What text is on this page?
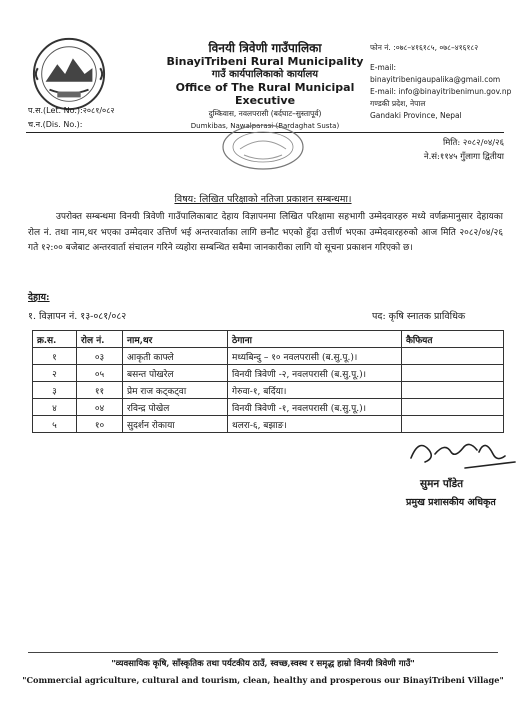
विनयी त्रिवेणी गाउँपालिका
BinayiTribeni Rural Municipality
गाउँ कार्यपालिकाको कार्यालय
Office of The Rural Municipal Executive
दुम्किवास, नवलपरासी (बर्दघाट–सुस्तापूर्व)
Dumkibas, Nawalparasi (Bardaghat Susta)
फोन नं. :०७८–४१६१८५, ०७८–४१६१८२
E-mail:
binayitribenigaupalika@gmail.com
E-mail: info@binayitribenimun.gov.np
गण्डकी प्रदेश, नेपाल
Gandaki Province, Nepal
प.स.(Let. No.):२०८१/०८२
च.न.(Dis. No.):
मिति: २०८२/०४/२६
ने.सं:११४५ गुँलागा द्वितीया
विषय: लिखित परिक्षाको नतिजा प्रकाशन सम्बन्धमा।

उपरोक्त सम्बन्धमा विनयी त्रिवेणी गाउँपालिकाबाट देहाय विज्ञापनमा लिखित परिक्षामा सहभागी उम्मेदवारहरु मध्ये वर्णक्रमानुसार देहायका रोल नं. तथा नाम,थर भएका उम्मेदवार उत्तिर्ण भई अन्तरवार्ताका लागि छनौट भएको हुँदा उत्तीर्ण भएका उम्मेदवारहरुको आज मिति २०८२/०४/२६ गते १२:०० बजेबाट अन्तरवार्ता संचालन गरिने व्यहोरा सम्बन्धित सबैमा जानकारीका लागि यो सूचना प्रकाशन गरिएको छ।

देहाय:
१. विज्ञापन नं. १३-०८१/०८२	पद: कृषि स्नातक प्राविधिक
क्र.स.	रोल नं.	नाम,थर	ठेगाना	कैफियत
१	०३	आकृती काफ्ले	मध्यबिन्दु – १० नवलपरासी (ब.सु.पू.)।	
२	०५	बसन्त पोखरेल	विनयी त्रिवेणी -२, नवलपरासी (ब.सु.पू.)।	
३	११	प्रेम राज कट्कट्वा	गेरुवा-१, बर्दिया।	
४	०४	रविन्द्र पोखेल	विनयी त्रिवेणी -१, नवलपरासी (ब.सु.पू.)।	
५	१०	सुदर्शन रोकाया	थलरा-६, बझाङ।	
सुमन पाँडेत
प्रमुख प्रशासकीय अधिकृत
"व्यवसायिक कृषि, साँस्कृतिक तथा पर्यटकीय ठाउँ, स्वच्छ,स्वस्थ र समृद्ध हाम्रो विनयी त्रिवेणी गाउँ"
"Commercial agriculture, cultural and tourism, clean, healthy and prosperous our BinayiTribeni Village"
